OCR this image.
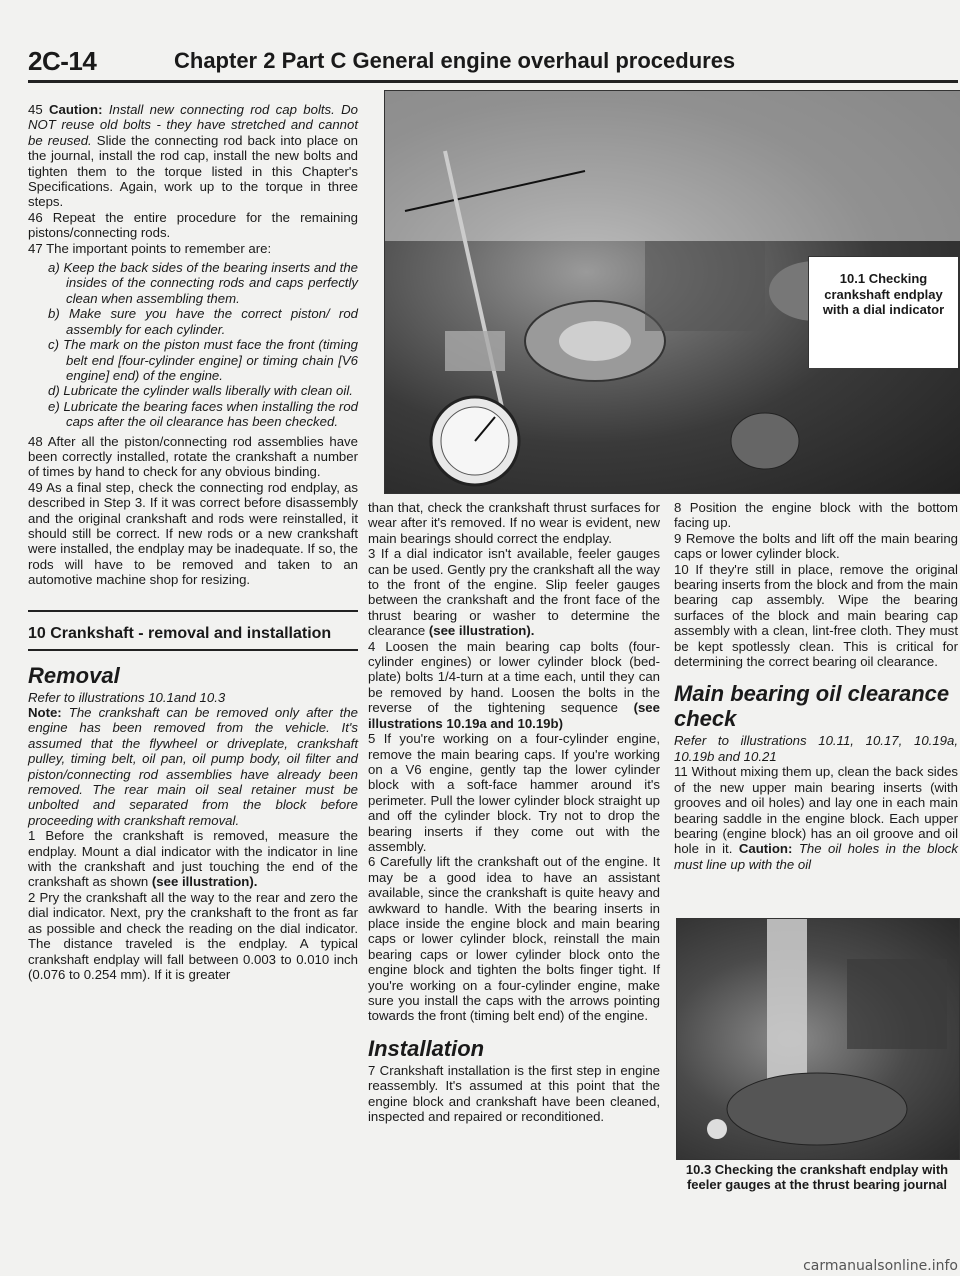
2C-14	Chapter 2 Part C General engine overhaul procedures

45 Caution: Install new connecting rod cap bolts. Do NOT reuse old bolts - they have stretched and cannot be reused. Slide the connecting rod back into place on the journal, install the rod cap, install the new bolts and tighten them to the torque listed in this Chapter's Specifications. Again, work up to the torque in three steps.

46 Repeat the entire procedure for the remaining pistons/connecting rods.

47 The important points to remember are:

a) Keep the back sides of the bearing inserts and the insides of the connecting rods and caps perfectly clean when assembling them.

b) Make sure you have the correct piston/ rod assembly for each cylinder.

c) The mark on the piston must face the front (timing belt end [four-cylinder engine] or timing chain [V6 engine] end) of the engine.

d) Lubricate the cylinder walls liberally with clean oil.

e) Lubricate the bearing faces when installing the rod caps after the oil clearance has been checked.

48 After all the piston/connecting rod assemblies have been correctly installed, rotate the crankshaft a number of times by hand to check for any obvious binding.

49 As a final step, check the connecting rod endplay, as described in Step 3. If it was correct before disassembly and the original crankshaft and rods were reinstalled, it should still be correct. If new rods or a new crankshaft were installed, the endplay may be inadequate. If so, the rods will have to be removed and taken to an automotive machine shop for resizing.

10 Crankshaft - removal and installation
Removal

Refer to illustrations 10.1and 10.3

Note: The crankshaft can be removed only after the engine has been removed from the vehicle. It's assumed that the flywheel or driveplate, crankshaft pulley, timing belt, oil pan, oil pump body, oil filter and piston/connecting rod assemblies have already been removed. The rear main oil seal retainer must be unbolted and separated from the block before proceeding with crankshaft removal.

1 Before the crankshaft is removed, measure the endplay. Mount a dial indicator with the indicator in line with the crankshaft and just touching the end of the crankshaft as shown (see illustration).

2 Pry the crankshaft all the way to the rear and zero the dial indicator. Next, pry the crankshaft to the front as far as possible and check the reading on the dial indicator. The distance traveled is the endplay. A typical crankshaft endplay will fall between 0.003 to 0.010 inch (0.076 to 0.254 mm). If it is greater

10.1 Checking crankshaft endplay with a dial indicator

than that, check the crankshaft thrust surfaces for wear after it's removed. If no wear is evident, new main bearings should correct the endplay.

3 If a dial indicator isn't available, feeler gauges can be used. Gently pry the crankshaft all the way to the front of the engine. Slip feeler gauges between the crankshaft and the front face of the thrust bearing or washer to determine the clearance (see illustration).

4 Loosen the main bearing cap bolts (four-cylinder engines) or lower cylinder block (bed-plate) bolts 1/4-turn at a time each, until they can be removed by hand. Loosen the bolts in the reverse of the tightening sequence (see illustrations 10.19a and 10.19b)

5 If you're working on a four-cylinder engine, remove the main bearing caps. If you're working on a V6 engine, gently tap the lower cylinder block with a soft-face hammer around it's perimeter. Pull the lower cylinder block straight up and off the cylinder block. Try not to drop the bearing inserts if they come out with the assembly.

6 Carefully lift the crankshaft out of the engine. It may be a good idea to have an assistant available, since the crankshaft is quite heavy and awkward to handle. With the bearing inserts in place inside the engine block and main bearing caps or lower cylinder block, reinstall the main bearing caps or lower cylinder block onto the engine block and tighten the bolts finger tight. If you're working on a four-cylinder engine, make sure you install the caps with the arrows pointing towards the front (timing belt end) of the engine.

Installation

7 Crankshaft installation is the first step in engine reassembly. It's assumed at this point that the engine block and crankshaft have been cleaned, inspected and repaired or reconditioned.

8 Position the engine block with the bottom facing up.

9 Remove the bolts and lift off the main bearing caps or lower cylinder block.

10 If they're still in place, remove the original bearing inserts from the block and from the main bearing cap assembly. Wipe the bearing surfaces of the block and main bearing cap assembly with a clean, lint-free cloth. They must be kept spotlessly clean. This is critical for determining the correct bearing oil clearance.

Main bearing oil clearance check

Refer to illustrations 10.11, 10.17, 10.19a, 10.19b and 10.21

11 Without mixing them up, clean the back sides of the new upper main bearing inserts (with grooves and oil holes) and lay one in each main bearing saddle in the engine block. Each upper bearing (engine block) has an oil groove and oil hole in it. Caution: The oil holes in the block must line up with the oil

10.3 Checking the crankshaft endplay with feeler gauges at the thrust bearing journal
carmanualsonline.info
